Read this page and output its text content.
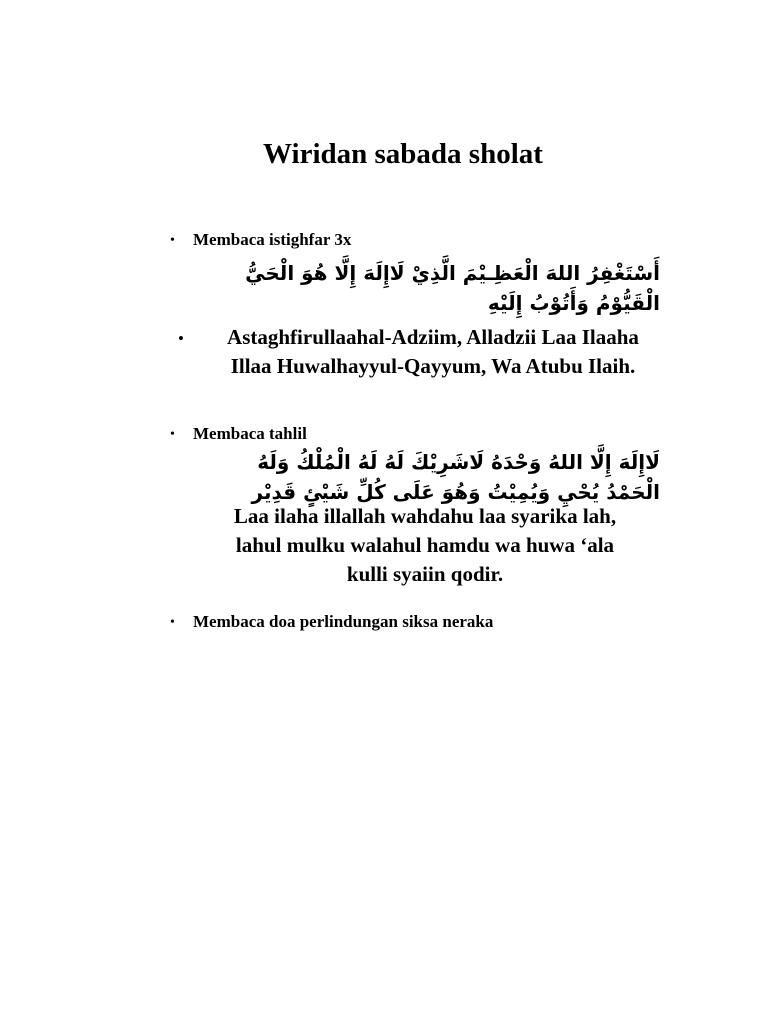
Wiridan sabada sholat
• Membaca istighfar 3x
أَسْتَغْفِرُ اللهَ الْعَظِـيْمَ الَّذِيْ لَاإِلَهَ إِلَّا هُوَ الْحَيُّ
الْقَيُّوْمُ وَأَتُوْبُ إِلَيْهِ
•	Astaghfirullaahal-Adziim, Alladzii Laa Ilaaha
Illaa Huwalhayyul-Qayyum, Wa Atubu Ilaih.
• Membaca tahlil
لَاإِلَهَ إِلَّا اللهُ وَحْدَهُ لَاشَرِيْكَ لَهُ لَهُ الْمُلْكُ وَلَهُ
الْحَمْدُ يُحْيِ وَيُمِيْتُ وَهُوَ عَلَى كُلِّ شَيْئٍ قَدِيْر
Laa ilaha illallah wahdahu laa syarika lah,
lahul mulku walahul hamdu wa huwa ‘ala
kulli syaiin qodir.
• Membaca doa perlindungan siksa neraka
